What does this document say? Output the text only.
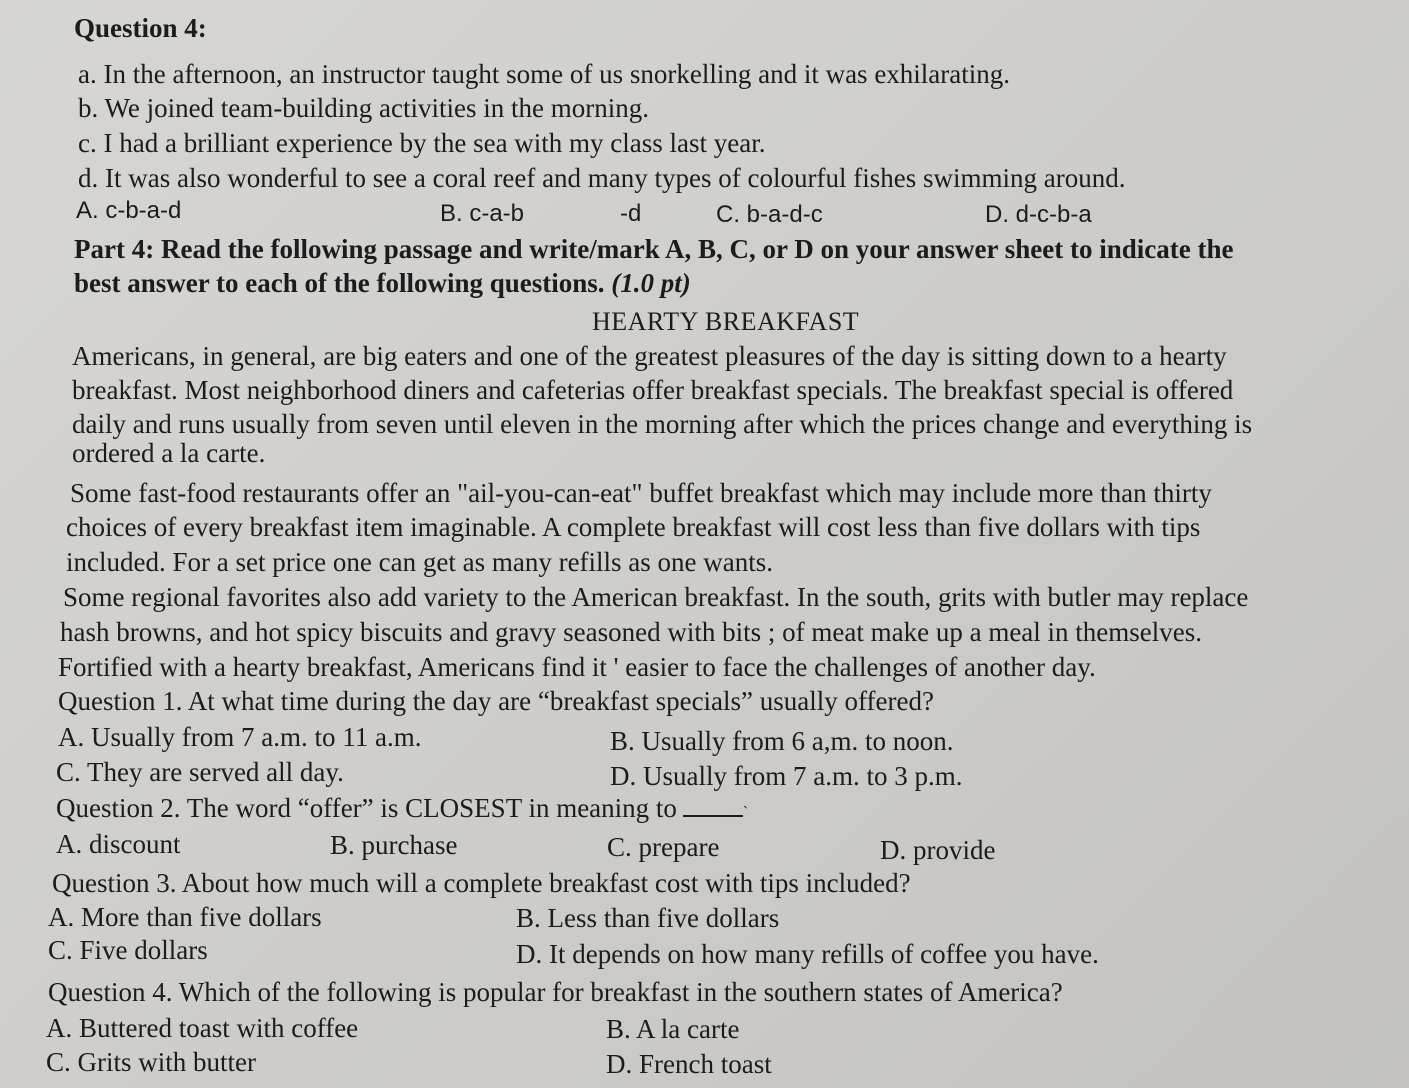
Question 4:
a. In the afternoon, an instructor taught some of us snorkelling and it was exhilarating.
b. We joined team-building activities in the morning.
c. I had a brilliant experience by the sea with my class last year.
d. It was also wonderful to see a coral reef and many types of colourful fishes swimming around.
A. c-b-a-d	B. c-a-b	-d	C. b-a-d-c	D. d-c-b-a
Part 4: Read the following passage and write/mark A, B, C, or D on your answer sheet to indicate the
best answer to each of the following questions. (1.0 pt)
HEARTY BREAKFAST
Americans, in general, are big eaters and one of the greatest pleasures of the day is sitting down to a hearty
breakfast. Most neighborhood diners and cafeterias offer breakfast specials. The breakfast special is offered
daily and runs usually from seven until eleven in the morning after which the prices change and everything is
ordered a la carte.
Some fast-food restaurants offer an "ail-you-can-eat" buffet breakfast which may include more than thirty
choices of every breakfast item imaginable. A complete breakfast will cost less than five dollars with tips
included. For a set price one can get as many refills as one wants.
Some regional favorites also add variety to the American breakfast. In the south, grits with butler may replace
hash browns, and hot spicy biscuits and gravy seasoned with bits ; of meat make up a meal in themselves.
Fortified with a hearty breakfast, Americans find it ' easier to face the challenges of another day.
Question 1. At what time during the day are “breakfast specials” usually offered?
A. Usually from 7 a.m. to 11 a.m.	B. Usually from 6 a,m. to noon.
C. They are served all day.	D. Usually from 7 a.m. to 3 p.m.
Question 2. The word “offer” is CLOSEST in meaning to	`
A. discount	B. purchase	C. prepare	D. provide
Question 3. About how much will a complete breakfast cost with tips included?
A. More than five dollars	B. Less than five dollars
C. Five dollars	D. It depends on how many refills of coffee you have.
Question 4. Which of the following is popular for breakfast in the southern states of America?
A. Buttered toast with coffee	B. A la carte
C. Grits with butter	D. French toast
